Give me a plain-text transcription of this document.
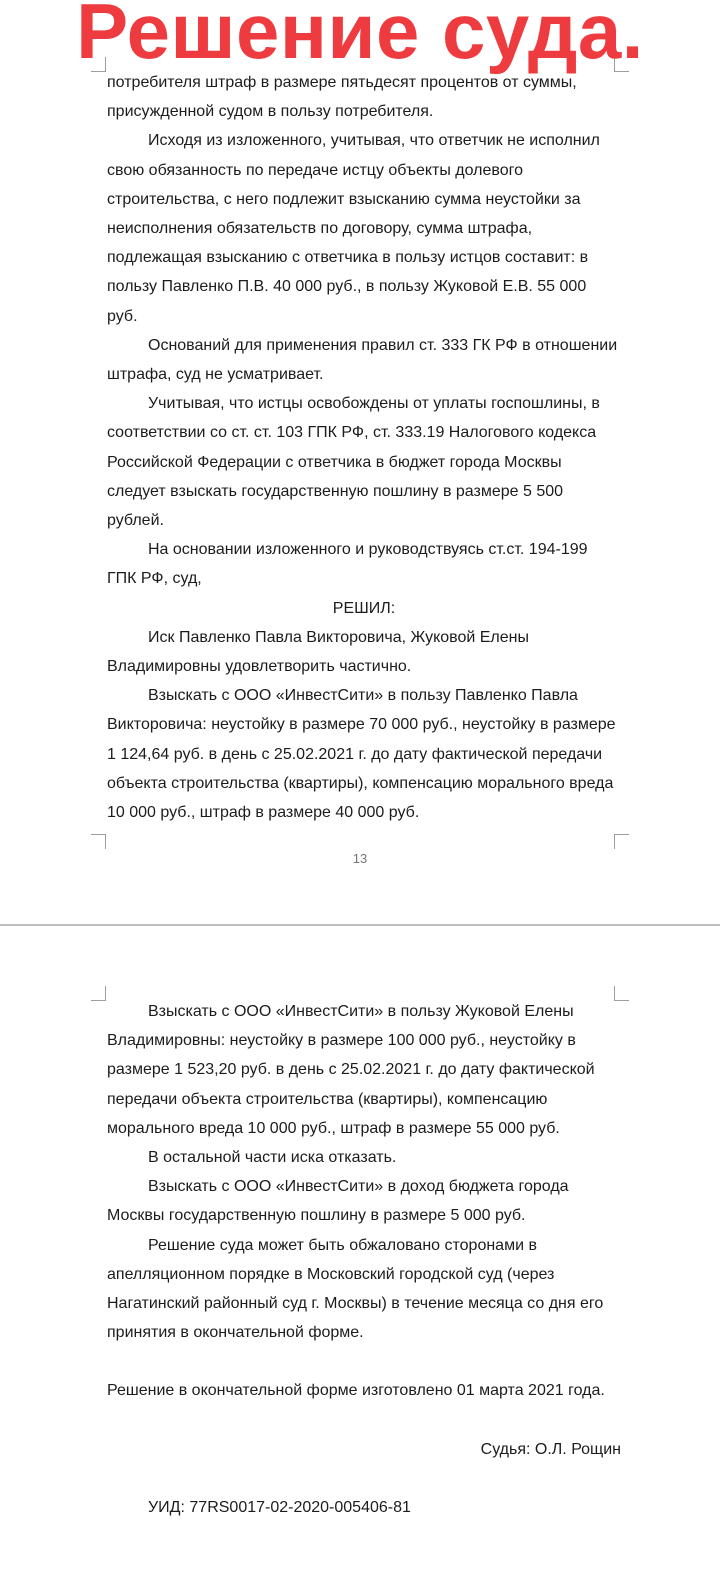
потребителя штраф в размере пятьдесят процентов от суммы, присужденной судом в пользу потребителя.

Исходя из изложенного, учитывая, что ответчик не исполнил свою обязанность по передаче истцу объекты долевого строительства, с него подлежит взысканию сумма неустойки за неисполнения обязательств по договору, сумма штрафа, подлежащая взысканию с ответчика в пользу истцов составит: в пользу Павленко П.В. 40 000 руб., в пользу Жуковой Е.В. 55 000 руб.

Оснований для применения правил ст. 333 ГК РФ в отношении штрафа, суд не усматривает.

Учитывая, что истцы освобождены от уплаты госпошлины, в соответствии со ст. ст. 103 ГПК РФ, ст. 333.19 Налогового кодекса Российской Федерации с ответчика в бюджет города Москвы следует взыскать государственную пошлину в размере 5 500 рублей.

На основании изложенного и руководствуясь ст.ст. 194-199 ГПК РФ, суд,

РЕШИЛ:

Иск Павленко Павла Викторовича, Жуковой Елены Владимировны удовлетворить частично.

Взыскать с ООО «ИнвестСити» в пользу Павленко Павла Викторовича: неустойку в размере 70 000 руб., неустойку в размере 1 124,64 руб. в день с 25.02.2021 г. до дату фактической передачи объекта строительства (квартиры), компенсацию морального вреда 10 000 руб., штраф в размере 40 000 руб.

13

Взыскать с ООО «ИнвестСити» в пользу Жуковой Елены Владимировны: неустойку в размере 100 000 руб., неустойку в размере 1 523,20 руб. в день с 25.02.2021 г. до дату фактической передачи объекта строительства (квартиры), компенсацию морального вреда 10 000 руб., штраф в размере 55 000 руб.

В остальной части иска отказать.

Взыскать с ООО «ИнвестСити» в доход бюджета города Москвы государственную пошлину в размере 5 000 руб.

Решение суда может быть обжаловано сторонами в апелляционном порядке в Московский городской суд (через Нагатинский районный суд г. Москвы) в течение месяца со дня его принятия в окончательной форме.

Решение в окончательной форме изготовлено 01 марта 2021 года.

Судья: О.Л. Рощин

УИД: 77RS0017-02-2020-005406-81

Решение суда.
